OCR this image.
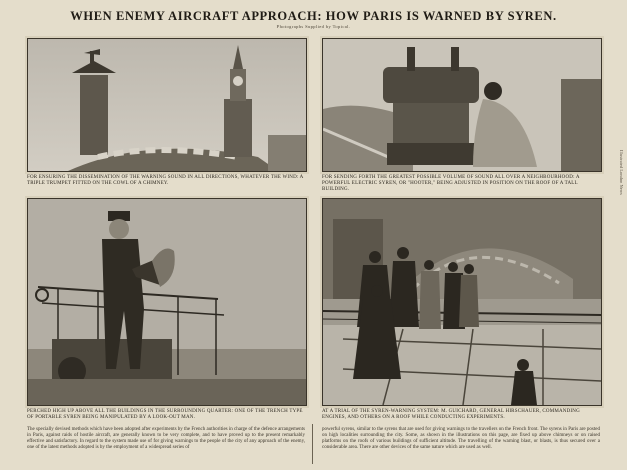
WHEN ENEMY AIRCRAFT APPROACH: HOW PARIS IS WARNED BY SYREN.
Photographs Supplied by Topical.
FOR ENSURING THE DISSEMINATION OF THE WARNING SOUND IN ALL DIRECTIONS, WHATEVER THE WIND: A TRIPLE TRUMPET FITTED ON THE COWL OF A CHIMNEY.
FOR SENDING FORTH THE GREATEST POSSIBLE VOLUME OF SOUND ALL OVER A NEIGHBOURHOOD: A POWERFUL ELECTRIC SYREN, OR "HOOTER," BEING ADJUSTED IN POSITION ON THE ROOF OF A TALL BUILDING.
PERCHED HIGH UP ABOVE ALL THE BUILDINGS IN THE SURROUNDING QUARTER: ONE OF THE TRENCH TYPE OF PORTABLE SYREN BEING MANIPULATED BY A LOOK-OUT MAN.
AT A TRIAL OF THE SYREN-WARNING SYSTEM: M. GUICHARD, GENERAL HIRSCHAUER, COMMANDING ENGINES, AND OTHERS ON A ROOF WHILE CONDUCTING EXPERIMENTS.
The specially devised methods which have been adopted after experiments by the French authorities in charge of the defence arrangements in Paris, against raids of hostile aircraft, are generally known to be very complete, and to have proved up to the present remarkably effective and satisfactory. In regard to the system made use of for giving warnings to the people of the city of any approach of the enemy, one of the latest methods adopted is by the employment of a widespread series of
powerful syrens, similar to the syrens that are used for giving warnings to the travellers on the French front. The syrens in Paris are posted on high localities surrounding the city. Some, as shown in the illustrations on this page, are fixed up above chimneys or on raised platforms on the roofs of various buildings of sufficient altitude. The travelling of the warning blast, or blasts, is thus secured over a considerable area. There are other devices of the same nature which are used as well.
Illustrated London News
